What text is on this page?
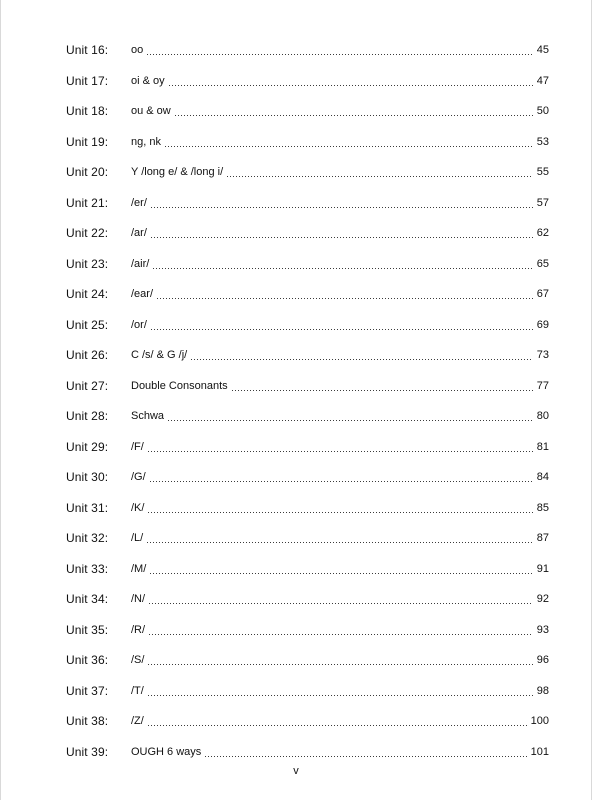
Unit 16:	oo	45
Unit 17:	oi & oy	47
Unit 18:	ou & ow	50
Unit 19:	ng, nk	53
Unit 20:	Y /long e/ & /long i/	55
Unit 21:	/er/	57
Unit 22:	/ar/	62
Unit 23:	/air/	65
Unit 24:	/ear/	67
Unit 25:	/or/	69
Unit 26:	C /s/ & G /j/	73
Unit 27:	Double Consonants	77
Unit 28:	Schwa	80
Unit 29:	/F/	81
Unit 30:	/G/	84
Unit 31:	/K/	85
Unit 32:	/L/	87
Unit 33:	/M/	91
Unit 34:	/N/	92
Unit 35:	/R/	93
Unit 36:	/S/	96
Unit 37:	/T/	98
Unit 38:	/Z/	100
Unit 39:	OUGH 6 ways	101
v
